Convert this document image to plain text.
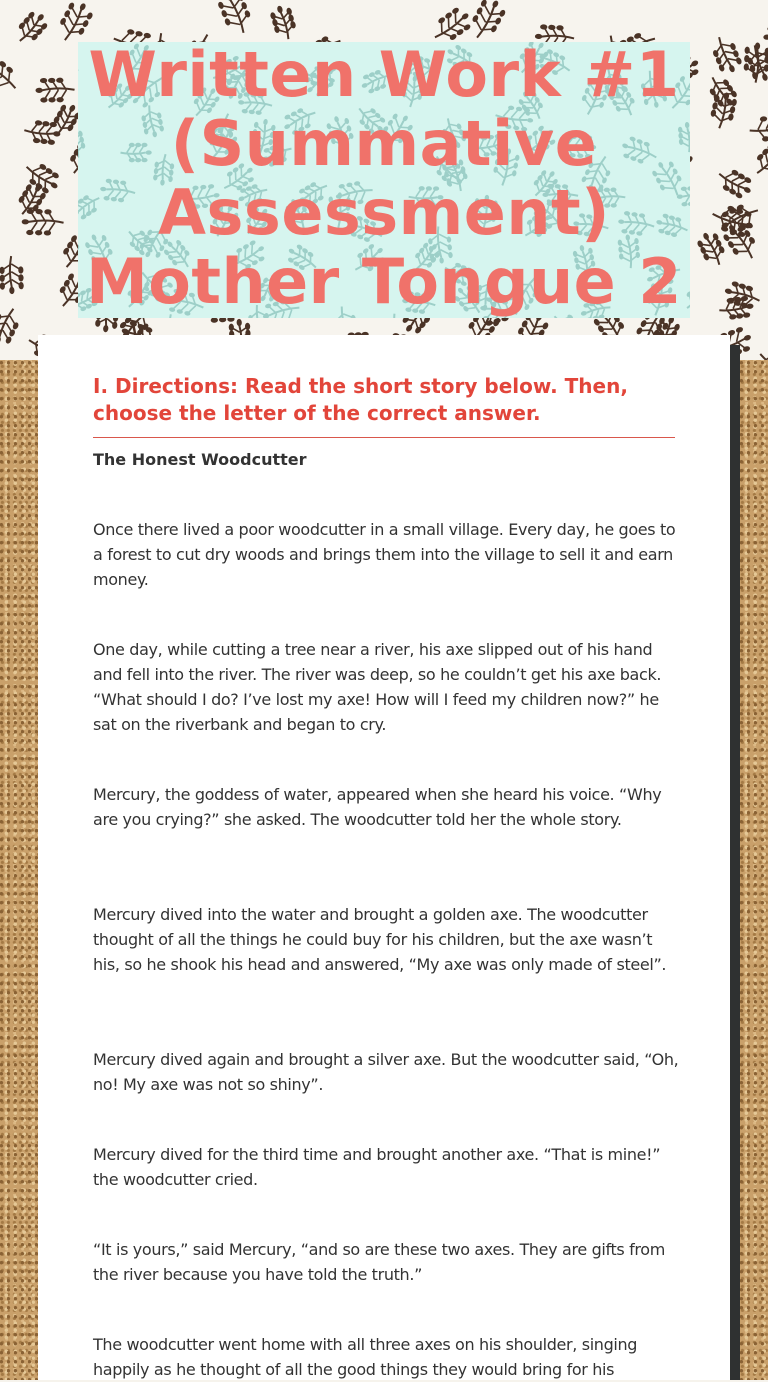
Written Work #1
(Summative
Assessment)
Mother Tongue 2

I. Directions: Read the short story below. Then, choose the letter of the correct answer.

The Honest Woodcutter

Once there lived a poor woodcutter in a small village. Every day, he goes to a forest to cut dry woods and brings them into the village to sell it and earn money.

One day, while cutting a tree near a river, his axe slipped out of his hand and fell into the river. The river was deep, so he couldn’t get his axe back. “What should I do? I’ve lost my axe! How will I feed my children now?” he sat on the riverbank and began to cry.

Mercury, the goddess of water, appeared when she heard his voice. “Why are you crying?” she asked. The woodcutter told her the whole story.

Mercury dived into the water and brought a golden axe. The woodcutter thought of all the things he could buy for his children, but the axe wasn’t his, so he shook his head and answered, “My axe was only made of steel”.

Mercury dived again and brought a silver axe. But the woodcutter said, “Oh, no! My axe was not so shiny”.

Mercury dived for the third time and brought another axe. “That is mine!” the woodcutter cried.

“It is yours,” said Mercury, “and so are these two axes. They are gifts from the river because you have told the truth.”

The woodcutter went home with all three axes on his shoulder, singing happily as he thought of all the good things they would bring for his
